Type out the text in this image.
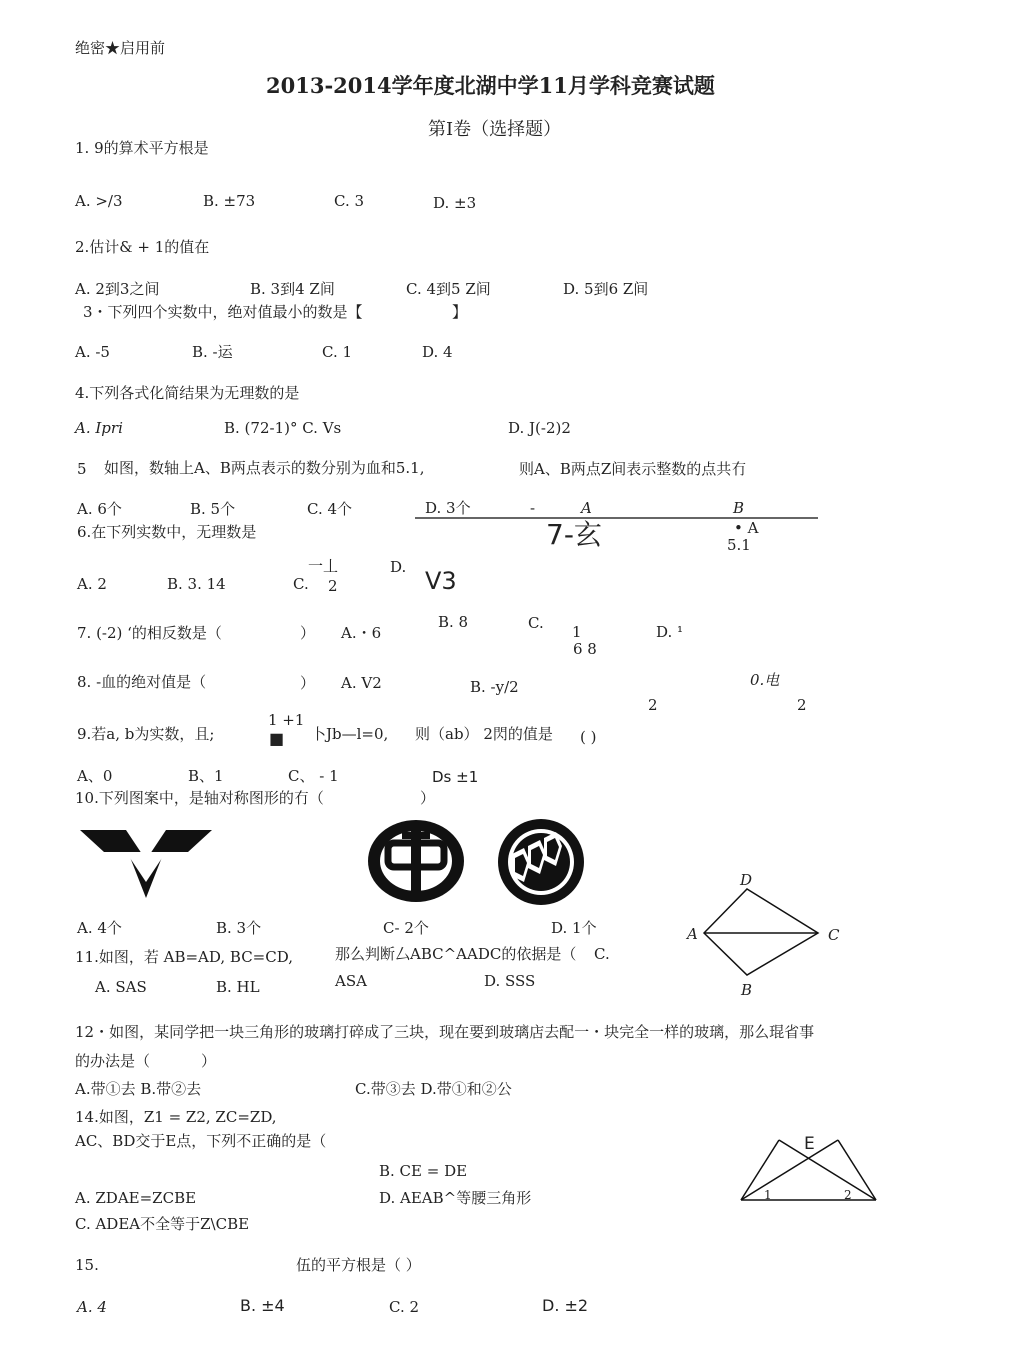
绝密★启用前
2013-2014学年度北湖中学11月学科竞赛试题
第I卷（选择题）
1. 9的算术平方根是
A. >/3	B. ±73	C. 3	D. ±3
2.估计& + 1的值在
A. 2到3之间	B. 3到4 Z间	C. 4到5 Z间	D. 5到6 Z间
3・下列四个实数中，绝对值最小的数是【	】
A. -5	B. -运	C. 1	D. 4
4.下列各式化简结果为无理数的是
A. Ipri	B. (72-1)° C. Vs	D. J(-2)2
5 如图，数轴上A、B两点表示的数分别为血和5.1,	则A、B两点Z间表示整数的点共冇
A. 6个	B. 5个	C. 4个	D. 3个	-	A	B
7-玄	• A
5.1
6.在下列实数中，无理数是
A. 2	B. 3. 14	C.
一丄
2
D. V3
7. (-2) ‘的相反数是（	） A.・6
B. 8	C. 1
6 8
D. ¹
8. -血的绝对值是（	） A. V2	B. -y/2	0.电
2	2
1 +1
9.若a, b为实数，且;	■ 卜Jb—l=0, 则（ab） 2閃的值是 ( )
A、0	B、1	C、 - 1	Ds ±1
10.下列图案中，是轴对称图形的冇（	）
A. 4个	B. 3个	C- 2个	D. 1个
11.如图，若 AB=AD, BC=CD,	那么判断厶ABC^AADC的依据是（ C.
A. SAS	B. HL	ASA	D. SSS
D
A	C
B
12・如图，某同学把一块三角形的玻璃打碎成了三块，现在要到玻璃店去配一・块完全一样的玻璃，那么琨省事
的办法是（	）
A.带①去 B.带②去	C.带③去 D.带①和②公
14.如图，Z1 = Z2, ZC=ZD,
AC、BD交于E点，下列不正确的是（
B. CE = DE
A. ZDAE=ZCBE	D. AEAB^等腰三角形
C. ADEA不全等于Z\CBE
E
1	2
15.	伍的平方根是（ ）
A. 4	B. ±4	C. 2	D. ±2
